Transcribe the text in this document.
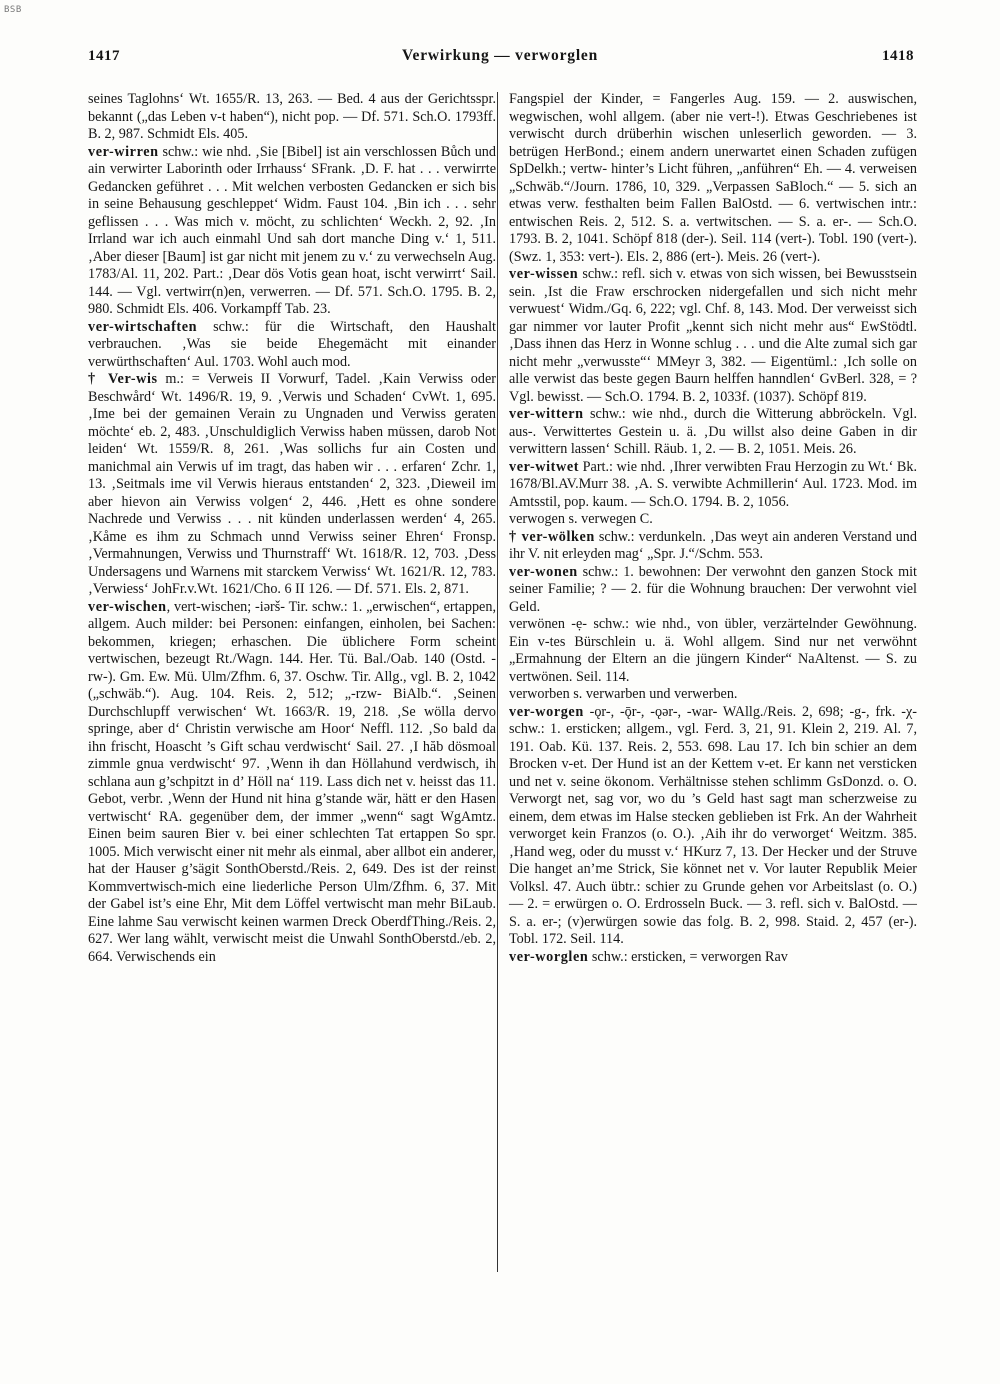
BSB
1417	Verwirkung — verworglen	1418

seines Taglohns‘ Wt. 1655/R. 13, 263. — Bed. 4 aus der Gerichtsspr. bekannt („das Leben v-t haben“), nicht pop. — Df. 571. Sch.O. 1793ff. B. 2, 987. Schmidt Els. 405.

ver-wirren schw.: wie nhd. ‚Sie [Bibel] ist ain verschlossen Bůch und ain verwirter Laborinth oder Irrhauss‘ SFrank. ‚D. F. hat . . . verwirrte Gedancken geführet . . . Mit welchen verbosten Gedancken er sich bis in seine Behausung geschleppet‘ Widm. Faust 104. ‚Bin ich . . . sehr geflissen . . . Was mich v. möcht, zu schlichten‘ Weckh. 2, 92. ‚In Irrland war ich auch einmahl Und sah dort manche Ding v.‘ 1, 511. ‚Aber dieser [Baum] ist gar nicht mit jenem zu v.‘ zu verwechseln Aug. 1783/Al. 11, 202. Part.: ‚Dear dös Votis gean hoat, ischt verwirrt‘ Sail. 144. — Vgl. vertwirr(n)en, verwerren. — Df. 571. Sch.O. 1795. B. 2, 980. Schmidt Els. 406. Vorkampff Tab. 23.

ver-wirtschaften schw.: für die Wirtschaft, den Haushalt verbrauchen. ‚Was sie beide Ehegemächt mit einander verwürthschaften‘ Aul. 1703. Wohl auch mod.

† Ver-wis m.: = Verweis II Vorwurf, Tadel. ‚Kain Verwiss oder Beschwård‘ Wt. 1496/R. 19, 9. ‚Verwis und Schaden‘ CvWt. 1, 695. ‚Ime bei der gemainen Verain zu Ungnaden und Verwiss geraten möchte‘ eb. 2, 483. ‚Unschuldiglich Verwiss haben müssen, darob Not leiden‘ Wt. 1559/R. 8, 261. ‚Was sollichs fur ain Costen und manichmal ain Verwis uf im tragt, das haben wir . . . erfaren‘ Zchr. 1, 13. ‚Seitmals ime vil Verwis hieraus entstanden‘ 2, 323. ‚Dieweil im aber hievon ain Verwiss volgen‘ 2, 446. ‚Hett es ohne sondere Nachrede und Verwiss . . . nit künden underlassen werden‘ 4, 265. ‚Kåme es ihm zu Schmach unnd Verwiss seiner Ehren‘ Fronsp. ‚Vermahnungen, Verwiss und Thurnstraff‘ Wt. 1618/R. 12, 703. ‚Dess Undersagens und Warnens mit starckem Verwiss‘ Wt. 1621/R. 12, 783. ‚Verwiess‘ JohFr.v.Wt. 1621/Cho. 6 II 126. — Df. 571. Els. 2, 871.

ver-wischen, vert-wischen; -iərš- Tir. schw.: 1. „erwischen“, ertappen, allgem. Auch milder: bei Personen: einfangen, einholen, bei Sachen: bekommen, kriegen; erhaschen. Die üblichere Form scheint vertwischen, bezeugt Rt./Wagn. 144. Her. Tü. Bal./Oab. 140 (Ostd. -rw-). Gm. Ew. Mü. Ulm/Zfhm. 6, 37. Oschw. Tir. Allg., vgl. B. 2, 1042 („schwäb.“). Aug. 104. Reis. 2, 512; „-rzw- BiAlb.“. ‚Seinen Durchschlupff verwischen‘ Wt. 1663/R. 19, 218. ‚Se wölla dervo springe, aber d‘ Christin verwische am Hoor‘ Neffl. 112. ‚So bald da ihn frischt, Hoascht ’s Gift schau verdwischt‘ Sail. 27. ‚I hăb dösmoal zimmle gnua verdwischt‘ 97. ‚Wenn ih dan Höllahund verdwisch, ih schlana aun g’schpitzt in d’ Höll na‘ 119. Lass dich net v. heisst das 11. Gebot, verbr. ‚Wenn der Hund nit hina g’stande wär, hätt er den Hasen vertwischt‘ RA. gegenüber dem, der immer „wenn“ sagt WgAmtz. Einen beim sauren Bier v. bei einer schlechten Tat ertappen So spr. 1005. Mich verwischt einer nit mehr als einmal, aber allbot ein anderer, hat der Hauser g’sägit SonthOberstd./Reis. 2, 649. Des ist der reinst Kommvertwisch-mich eine liederliche Person Ulm/Zfhm. 6, 37. Mit der Gabel ist’s eine Ehr, Mit dem Löffel vertwischt man mehr BiLaub. Eine lahme Sau verwischt keinen warmen Dreck OberdfThing./Reis. 2, 627. Wer lang wählt, verwischt meist die Unwahl SonthOberstd./eb. 2, 664. Verwischends ein

Fangspiel der Kinder, = Fangerles Aug. 159. — 2. auswischen, wegwischen, wohl allgem. (aber nie vert-!). Etwas Geschriebenes ist verwischt durch drüberhin wischen unleserlich geworden. — 3. betrügen HerBond.; einem andern unerwartet einen Schaden zufügen SpDelkh.; vertw- hinter’s Licht führen, „anführen“ Eh. — 4. verweisen „Schwäb.“/Journ. 1786, 10, 329. „Verpassen SaBloch.“ — 5. sich an etwas verw. festhalten beim Fallen BalOstd. — 6. vertwischen intr.: entwischen Reis. 2, 512. S. a. vertwitschen. — S. a. er-. — Sch.O. 1793. B. 2, 1041. Schöpf 818 (der-). Seil. 114 (vert-). Tobl. 190 (vert-). (Swz. 1, 353: vert-). Els. 2, 886 (ert-). Meis. 26 (vert-).

ver-wissen schw.: refl. sich v. etwas von sich wissen, bei Bewusstsein sein. ‚Ist die Fraw erschrocken nidergefallen und sich nicht mehr verwuest‘ Widm./Gq. 6, 222; vgl. Chf. 8, 143. Mod. Der verweisst sich gar nimmer vor lauter Profit „kennt sich nicht mehr aus“ EwStödtl. ‚Dass ihnen das Herz in Wonne schlug . . . und die Alte zumal sich gar nicht mehr „verwusste“‘ MMeyr 3, 382. — Eigentüml.: ‚Ich solle on alle verwist das beste gegen Baurn helffen hanndlen‘ GvBerl. 328, = ? Vgl. bewisst. — Sch.O. 1794. B. 2, 1033f. (1037). Schöpf 819.

ver-wittern schw.: wie nhd., durch die Witterung abbröckeln. Vgl. aus-. Verwittertes Gestein u. ä. ‚Du willst also deine Gaben in dir verwittern lassen‘ Schill. Räub. 1, 2. — B. 2, 1051. Meis. 26.

ver-witwet Part.: wie nhd. ‚Ihrer verwibten Frau Herzogin zu Wt.‘ Bk. 1678/Bl.AV.Murr 38. ‚A. S. verwibte Achmillerin‘ Aul. 1723. Mod. im Amtsstil, pop. kaum. — Sch.O. 1794. B. 2, 1056.

verwogen s. verwegen C.

† ver-wölken schw.: verdunkeln. ‚Das weyt ain anderen Verstand und ihr V. nit erleyden mag‘ „Spr. J.“/Schm. 553.

ver-wonen schw.: 1. bewohnen: Der verwohnt den ganzen Stock mit seiner Familie; ? — 2. für die Wohnung brauchen: Der verwohnt viel Geld.

verwönen -ẹ- schw.: wie nhd., von übler, verzärtelnder Gewöhnung. Ein v-tes Bürschlein u. ä. Wohl allgem. Sind nur net verwöhnt „Ermahnung der Eltern an die jüngern Kinder“ NaAltenst. — S. zu vertwönen. Seil. 114.

verworben s. verwarben und verwerben.

ver-worgen -ǫr-, -ǭr-, -ǫər-, -war- WAllg./Reis. 2, 698; -g-, frk. -χ- schw.: 1. ersticken; allgem., vgl. Ferd. 3, 21, 91. Klein 2, 219. Al. 7, 191. Oab. Kü. 137. Reis. 2, 553. 698. Lau 17. Ich bin schier an dem Brocken v-et. Der Hund ist an der Kettem v-et. Er kann net versticken und net v. seine ökonom. Verhältnisse stehen schlimm GsDonzd. o. O. Verworgt net, sag vor, wo du ’s Geld hast sagt man scherzweise zu einem, dem etwas im Halse stecken geblieben ist Frk. An der Wahrheit verworget kein Franzos (o. O.). ‚Aih ihr do verworget‘ Weitzm. 385. ‚Hand weg, oder du musst v.‘ HKurz 7, 13. Der Hecker und der Struve Die hanget an’me Strick, Sie könnet net v. Vor lauter Republik Meier Volksl. 47. Auch übtr.: schier zu Grunde gehen vor Arbeitslast (o. O.) — 2. = erwürgen o. O. Erdrosseln Buck. — 3. refl. sich v. BalOstd. — S. a. er-; (v)erwürgen sowie das folg. B. 2, 998. Staid. 2, 457 (er-). Tobl. 172. Seil. 114.

ver-worglen schw.: ersticken, = verworgen Rav
